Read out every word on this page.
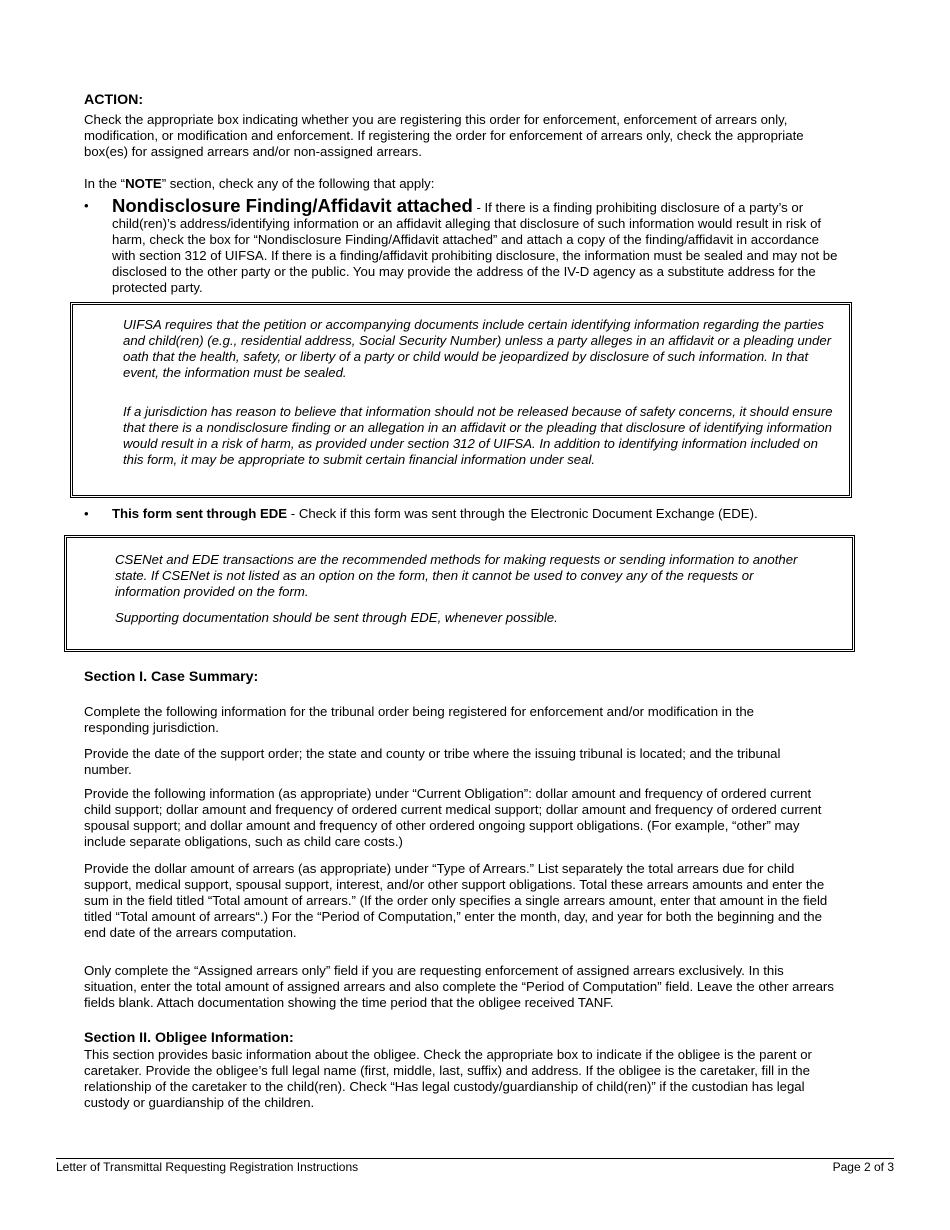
ACTION:

Check the appropriate box indicating whether you are registering this order for enforcement, enforcement of arrears only, modification, or modification and enforcement. If registering the order for enforcement of arrears only, check the appropriate box(es) for assigned arrears and/or non-assigned arrears.

In the “NOTE” section, check any of the following that apply:

• Nondisclosure Finding/Affidavit attached - If there is a finding prohibiting disclosure of a party’s or child(ren)’s address/identifying information or an affidavit alleging that disclosure of such information would result in risk of harm, check the box for “Nondisclosure Finding/Affidavit attached” and attach a copy of the finding/affidavit in accordance with section 312 of UIFSA. If there is a finding/affidavit prohibiting disclosure, the information must be sealed and may not be disclosed to the other party or the public. You may provide the address of the IV-D agency as a substitute address for the protected party.
• This form sent through EDE - Check if this form was sent through the Electronic Document Exchange (EDE).

Section I. Case Summary:

Complete the following information for the tribunal order being registered for enforcement and/or modification in the responding jurisdiction.

Provide the date of the support order; the state and county or tribe where the issuing tribunal is located; and the tribunal number.

Provide the following information (as appropriate) under “Current Obligation”: dollar amount and frequency of ordered current child support; dollar amount and frequency of ordered current medical support; dollar amount and frequency of ordered current spousal support; and dollar amount and frequency of other ordered ongoing support obligations. (For example, “other” may include separate obligations, such as child care costs.)

Provide the dollar amount of arrears (as appropriate) under “Type of Arrears.” List separately the total arrears due for child support, medical support, spousal support, interest, and/or other support obligations. Total these arrears amounts and enter the sum in the field titled “Total amount of arrears.” (If the order only specifies a single arrears amount, enter that amount in the field titled “Total amount of arrears“.) For the “Period of Computation,” enter the month, day, and year for both the beginning and the end date of the arrears computation.

Only complete the “Assigned arrears only” field if you are requesting enforcement of assigned arrears exclusively. In this situation, enter the total amount of assigned arrears and also complete the “Period of Computation” field. Leave the other arrears fields blank. Attach documentation showing the time period that the obligee received TANF.

Section II. Obligee Information:

This section provides basic information about the obligee. Check the appropriate box to indicate if the obligee is the parent or caretaker. Provide the obligee’s full legal name (first, middle, last, suffix) and address. If the obligee is the caretaker, fill in the relationship of the caretaker to the child(ren). Check “Has legal custody/guardianship of child(ren)” if the custodian has legal custody or guardianship of the children.

UIFSA requires that the petition or accompanying documents include certain identifying information regarding the parties and child(ren) (e.g., residential address, Social Security Number) unless a party alleges in an affidavit or a pleading under oath that the health, safety, or liberty of a party or child would be jeopardized by disclosure of such information. In that event, the information must be sealed.

If a jurisdiction has reason to believe that information should not be released because of safety concerns, it should ensure that there is a nondisclosure finding or an allegation in an affidavit or the pleading that disclosure of identifying information would result in a risk of harm, as provided under section 312 of UIFSA. In addition to identifying information included on this form, it may be appropriate to submit certain financial information under seal.

CSENet and EDE transactions are the recommended methods for making requests or sending information to another state. If CSENet is not listed as an option on the form, then it cannot be used to convey any of the requests or information provided on the form.

Supporting documentation should be sent through EDE, whenever possible.

Letter of Transmittal Requesting Registration Instructions	Page 2 of 3
